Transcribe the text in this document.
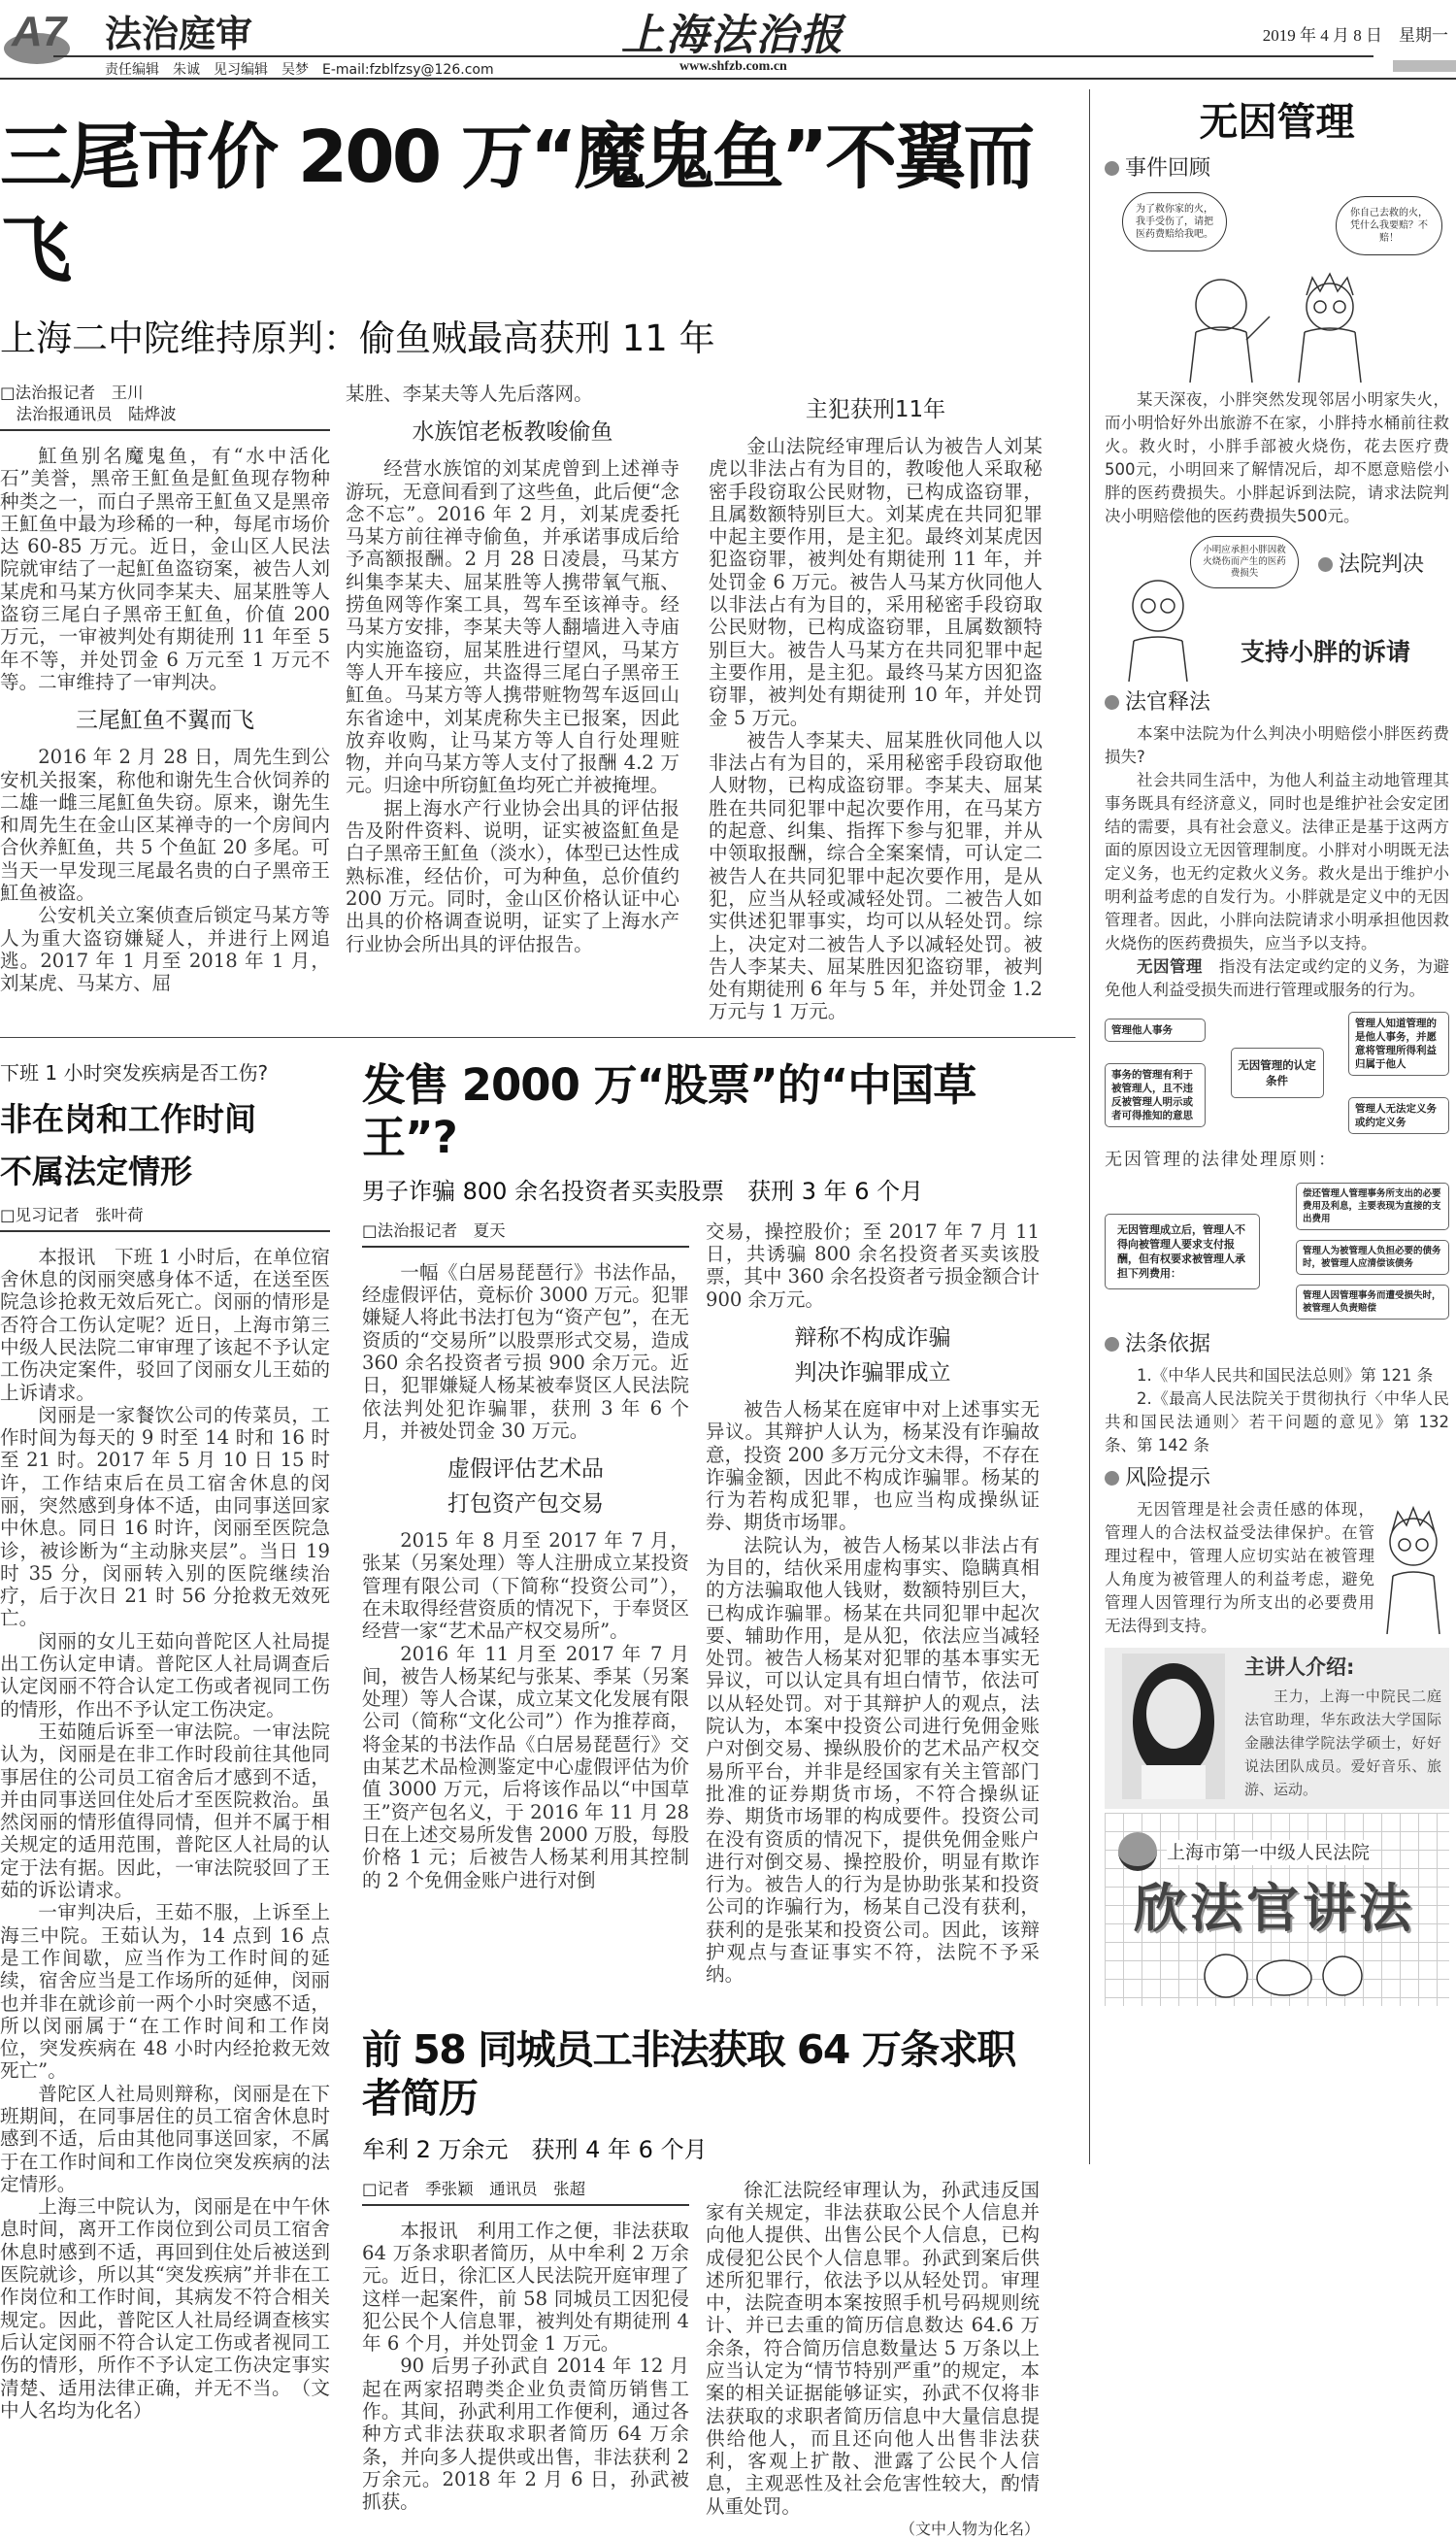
A7 法治庭审	上海法治报	2019 年 4 月 8 日　星期一
责任编辑　朱诚　见习编辑　吴梦　E-mail:fzblfzsy@126.com	www.shfzb.com.cn
三尾市价 200 万“魔鬼鱼”不翼而飞
上海二中院维持原判：偷鱼贼最高获刑 11 年
□法治报记者　王川
　法治报通讯员　陆烨波

魟鱼别名魔鬼鱼，有“水中活化石”美誉，黑帝王魟鱼是魟鱼现存物种种类之一，而白子黑帝王魟鱼又是黑帝王魟鱼中最为珍稀的一种，每尾市场价达 60-85 万元。近日，金山区人民法院就审结了一起魟鱼盗窃案，被告人刘某虎和马某方伙同李某夫、屈某胜等人盗窃三尾白子黑帝王魟鱼，价值 200 万元，一审被判处有期徒刑 11 年至 5 年不等，并处罚金 6 万元至 1 万元不等。二审维持了一审判决。

三尾魟鱼不翼而飞

2016 年 2 月 28 日，周先生到公安机关报案，称他和谢先生合伙饲养的二雄一雌三尾魟鱼失窃。原来，谢先生和周先生在金山区某禅寺的一个房间内合伙养魟鱼，共 5 个鱼缸 20 多尾。可当天一早发现三尾最名贵的白子黑帝王魟鱼被盗。

公安机关立案侦查后锁定马某方等人为重大盗窃嫌疑人，并进行上网追逃。2017 年 1 月至 2018 年 1 月，刘某虎、马某方、屈

某胜、李某夫等人先后落网。

水族馆老板教唆偷鱼

经营水族馆的刘某虎曾到上述禅寺游玩，无意间看到了这些鱼，此后便“念念不忘”。2016 年 2 月，刘某虎委托马某方前往禅寺偷鱼，并承诺事成后给予高额报酬。2 月 28 日凌晨，马某方纠集李某夫、屈某胜等人携带氧气瓶、捞鱼网等作案工具，驾车至该禅寺。经马某方安排，李某夫等人翻墙进入寺庙内实施盗窃，屈某胜进行望风，马某方等人开车接应，共盗得三尾白子黑帝王魟鱼。马某方等人携带赃物驾车返回山东省途中，刘某虎称失主已报案，因此放弃收购，让马某方等人自行处理赃物，并向马某方等人支付了报酬 4.2 万元。归途中所窃魟鱼均死亡并被掩埋。

据上海水产行业协会出具的评估报告及附件资料、说明，证实被盗魟鱼是白子黑帝王魟鱼（淡水），体型已达性成熟标准，经估价，可为种鱼，总价值约 200 万元。同时，金山区价格认证中心出具的价格调查说明，证实了上海水产行业协会所出具的评估报告。

主犯获刑11年

金山法院经审理后认为被告人刘某虎以非法占有为目的，教唆他人采取秘密手段窃取公民财物，已构成盗窃罪，且属数额特别巨大。刘某虎在共同犯罪中起主要作用，是主犯。最终刘某虎因犯盗窃罪，被判处有期徒刑 11 年，并处罚金 6 万元。被告人马某方伙同他人以非法占有为目的，采用秘密手段窃取公民财物，已构成盗窃罪，且属数额特别巨大。被告人马某方在共同犯罪中起主要作用，是主犯。最终马某方因犯盗窃罪，被判处有期徒刑 10 年，并处罚金 5 万元。

被告人李某夫、屈某胜伙同他人以非法占有为目的，采用秘密手段窃取他人财物，已构成盗窃罪。李某夫、屈某胜在共同犯罪中起次要作用，在马某方的起意、纠集、指挥下参与犯罪，并从中领取报酬，综合全案案情，可认定二被告人在共同犯罪中起次要作用，是从犯，应当从轻或减轻处罚。二被告人如实供述犯罪事实，均可以从轻处罚。综上，决定对二被告人予以减轻处罚。被告人李某夫、屈某胜因犯盗窃罪，被判处有期徒刑 6 年与 5 年，并处罚金 1.2 万元与 1 万元。

下班 1 小时突发疾病是否工伤?
非在岗和工作时间
不属法定情形
□见习记者　张叶荷

本报讯　下班 1 小时后，在单位宿舍休息的闵丽突感身体不适，在送至医院急诊抢救无效后死亡。闵丽的情形是否符合工伤认定呢？近日，上海市第三中级人民法院二审审理了该起不予认定工伤决定案件，驳回了闵丽女儿王茹的上诉请求。

闵丽是一家餐饮公司的传菜员，工作时间为每天的 9 时至 14 时和 16 时至 21 时。2017 年 5 月 10 日 15 时许，工作结束后在员工宿舍休息的闵丽，突然感到身体不适，由同事送回家中休息。同日 16 时许，闵丽至医院急诊，被诊断为“主动脉夹层”。当日 19 时 35 分，闵丽转入别的医院继续治疗，后于次日 21 时 56 分抢救无效死亡。

闵丽的女儿王茹向普陀区人社局提出工伤认定申请。普陀区人社局调查后认定闵丽不符合认定工伤或者视同工伤的情形，作出不予认定工伤决定。

王茹随后诉至一审法院。一审法院认为，闵丽是在非工作时段前往其他同事居住的公司员工宿舍后才感到不适，并由同事送回住处后才至医院救治。虽然闵丽的情形值得同情，但并不属于相关规定的适用范围，普陀区人社局的认定于法有据。因此，一审法院驳回了王茹的诉讼请求。

一审判决后，王茹不服，上诉至上海三中院。王茹认为，14 点到 16 点是工作间歇，应当作为工作时间的延续，宿舍应当是工作场所的延伸，闵丽也并非在就诊前一两个小时突感不适，所以闵丽属于“在工作时间和工作岗位，突发疾病在 48 小时内经抢救无效死亡”。

普陀区人社局则辩称，闵丽是在下班期间，在同事居住的员工宿舍休息时感到不适，后由其他同事送回家，不属于在工作时间和工作岗位突发疾病的法定情形。

上海三中院认为，闵丽是在中午休息时间，离开工作岗位到公司员工宿舍休息时感到不适，再回到住处后被送到医院就诊，所以其“突发疾病”并非在工作岗位和工作时间，其病发不符合相关规定。因此，普陀区人社局经调查核实后认定闵丽不符合认定工伤或者视同工伤的情形，所作不予认定工伤决定事实清楚、适用法律正确，并无不当。　（文中人名均为化名）

发售 2000 万“股票”的“中国草王”?
男子诈骗 800 余名投资者买卖股票　获刑 3 年 6 个月
□法治报记者　夏天

一幅《白居易琵琶行》书法作品，经虚假评估，竟标价 3000 万元。犯罪嫌疑人将此书法打包为“资产包”，在无资质的“交易所”以股票形式交易，造成 360 余名投资者亏损 900 余万元。近日，犯罪嫌疑人杨某被奉贤区人民法院依法判处犯诈骗罪，获刑 3 年 6 个月，并被处罚金 30 万元。

虚假评估艺术品
打包资产包交易

2015 年 8 月至 2017 年 7 月，张某（另案处理）等人注册成立某投资管理有限公司（下简称“投资公司”），在未取得经营资质的情况下，于奉贤区经营一家“艺术品产权交易所”。

2016 年 11 月至 2017 年 7 月间，被告人杨某纪与张某、季某（另案处理）等人合谋，成立某文化发展有限公司（简称“文化公司”）作为推荐商，将金某的书法作品《白居易琵琶行》交由某艺术品检测鉴定中心虚假评估为价值 3000 万元，后将该作品以“中国草王”资产包名义，于 2016 年 11 月 28 日在上述交易所发售 2000 万股，每股价格 1 元；后被告人杨某利用其控制的 2 个免佣金账户进行对倒

交易，操控股价；至 2017 年 7 月 11 日，共诱骗 800 余名投资者买卖该股票，其中 360 余名投资者亏损金额合计 900 余万元。

辩称不构成诈骗
判决诈骗罪成立

被告人杨某在庭审中对上述事实无异议。其辩护人认为，杨某没有诈骗故意，投资 200 多万元分文未得，不存在诈骗金额，因此不构成诈骗罪。杨某的行为若构成犯罪，也应当构成操纵证券、期货市场罪。

法院认为，被告人杨某以非法占有为目的，结伙采用虚构事实、隐瞒真相的方法骗取他人钱财，数额特别巨大，已构成诈骗罪。杨某在共同犯罪中起次要、辅助作用，是从犯，依法应当减轻处罚。被告人杨某对犯罪的基本事实无异议，可以认定具有坦白情节，依法可以从轻处罚。对于其辩护人的观点，法院认为，本案中投资公司进行免佣金账户对倒交易、操纵股价的艺术品产权交易所平台，并非是经国家有关主管部门批准的证券期货市场，不符合操纵证券、期货市场罪的构成要件。投资公司在没有资质的情况下，提供免佣金账户进行对倒交易、操控股价，明显有欺诈行为。被告人的行为是协助张某和投资公司的诈骗行为，杨某自己没有获利，获利的是张某和投资公司。因此，该辩护观点与查证事实不符，法院不予采纳。

前 58 同城员工非法获取 64 万条求职者简历
牟利 2 万余元　获刑 4 年 6 个月
□记者　季张颖　通讯员　张超

本报讯　利用工作之便，非法获取 64 万条求职者简历，从中牟利 2 万余元。近日，徐汇区人民法院开庭审理了这样一起案件，前 58 同城员工因犯侵犯公民个人信息罪，被判处有期徒刑 4 年 6 个月，并处罚金 1 万元。

90 后男子孙武自 2014 年 12 月起在两家招聘类企业负责简历销售工作。其间，孙武利用工作便利，通过各种方式非法获取求职者简历 64 万余条，并向多人提供或出售，非法获利 2 万余元。2018 年 2 月 6 日，孙武被抓获。

徐汇法院经审理认为，孙武违反国家有关规定，非法获取公民个人信息并向他人提供、出售公民个人信息，已构成侵犯公民个人信息罪。孙武到案后供述所犯罪行，依法予以从轻处罚。审理中，法院查明本案按照手机号码规则统计、并已去重的简历信息数达 64.6 万余条，符合简历信息数量达 5 万条以上应当认定为“情节特别严重”的规定，本案的相关证据能够证实，孙武不仅将非法获取的求职者简历信息中大量信息提供给他人，而且还向他人出售非法获利，客观上扩散、泄露了公民个人信息，主观恶性及社会危害性较大，酌情从重处罚。

（文中人物为化名）

无因管理
事件回顾
为了救你家的火，我手受伤了，请把医药费赔给我吧。
你自己去救的火，凭什么我要赔？不赔！

某天深夜，小胖突然发现邻居小明家失火，而小明恰好外出旅游不在家，小胖持水桶前往救火。救火时，小胖手部被火烧伤，花去医疗费500元，小明回来了解情况后，却不愿意赔偿小胖的医药费损失。小胖起诉到法院，请求法院判决小明赔偿他的医药费损失500元。

小明应承担小胖因救火烧伤而产生的医药费损失	法院判决
支持小胖的诉请
法官释法

本案中法院为什么判决小明赔偿小胖医药费损失?

社会共同生活中，为他人利益主动地管理其事务既具有经济意义，同时也是维护社会安定团结的需要，具有社会意义。法律正是基于这两方面的原因设立无因管理制度。小胖对小明既无法定义务，也无约定救火义务。救火是出于维护小明利益考虑的自发行为。小胖就是定义中的无因管理者。因此，小胖向法院请求小明承担他因救火烧伤的医药费损失，应当予以支持。

无因管理　指没有法定或约定的义务，为避免他人利益受损失而进行管理或服务的行为。

管理他人事务
事务的管理有利于被管理人，且不违反被管理人明示或者可得推知的意思
无因管理的认定条件
管理人知道管理的是他人事务，并愿意将管理所得利益归属于他人
管理人无法定义务或约定义务
无因管理的法律处理原则：
无因管理成立后，管理人不得向被管理人要求支付报酬，但有权要求被管理人承担下列费用：
偿还管理人管理事务所支出的必要费用及利息，主要表现为直接的支出费用
管理人为被管理人负担必要的债务时，被管理人应清偿该债务
管理人因管理事务而遭受损失时，被管理人负责赔偿
法条依据

1.《中华人民共和国民法总则》第 121 条

2.《最高人民法院关于贯彻执行〈中华人民共和国民法通则〉若干问题的意见》第 132 条、第 142 条

风险提示

无因管理是社会责任感的体现，管理人的合法权益受法律保护。在管理过程中，管理人应切实站在被管理人角度为被管理人的利益考虑，避免管理人因管理行为所支出的必要费用无法得到支持。

主讲人介绍:
王力，上海一中院民二庭法官助理，华东政法大学国际金融法律学院法学硕士，好好说法团队成员。爱好音乐、旅游、运动。
上海市第一中级人民法院
欣法官讲法
